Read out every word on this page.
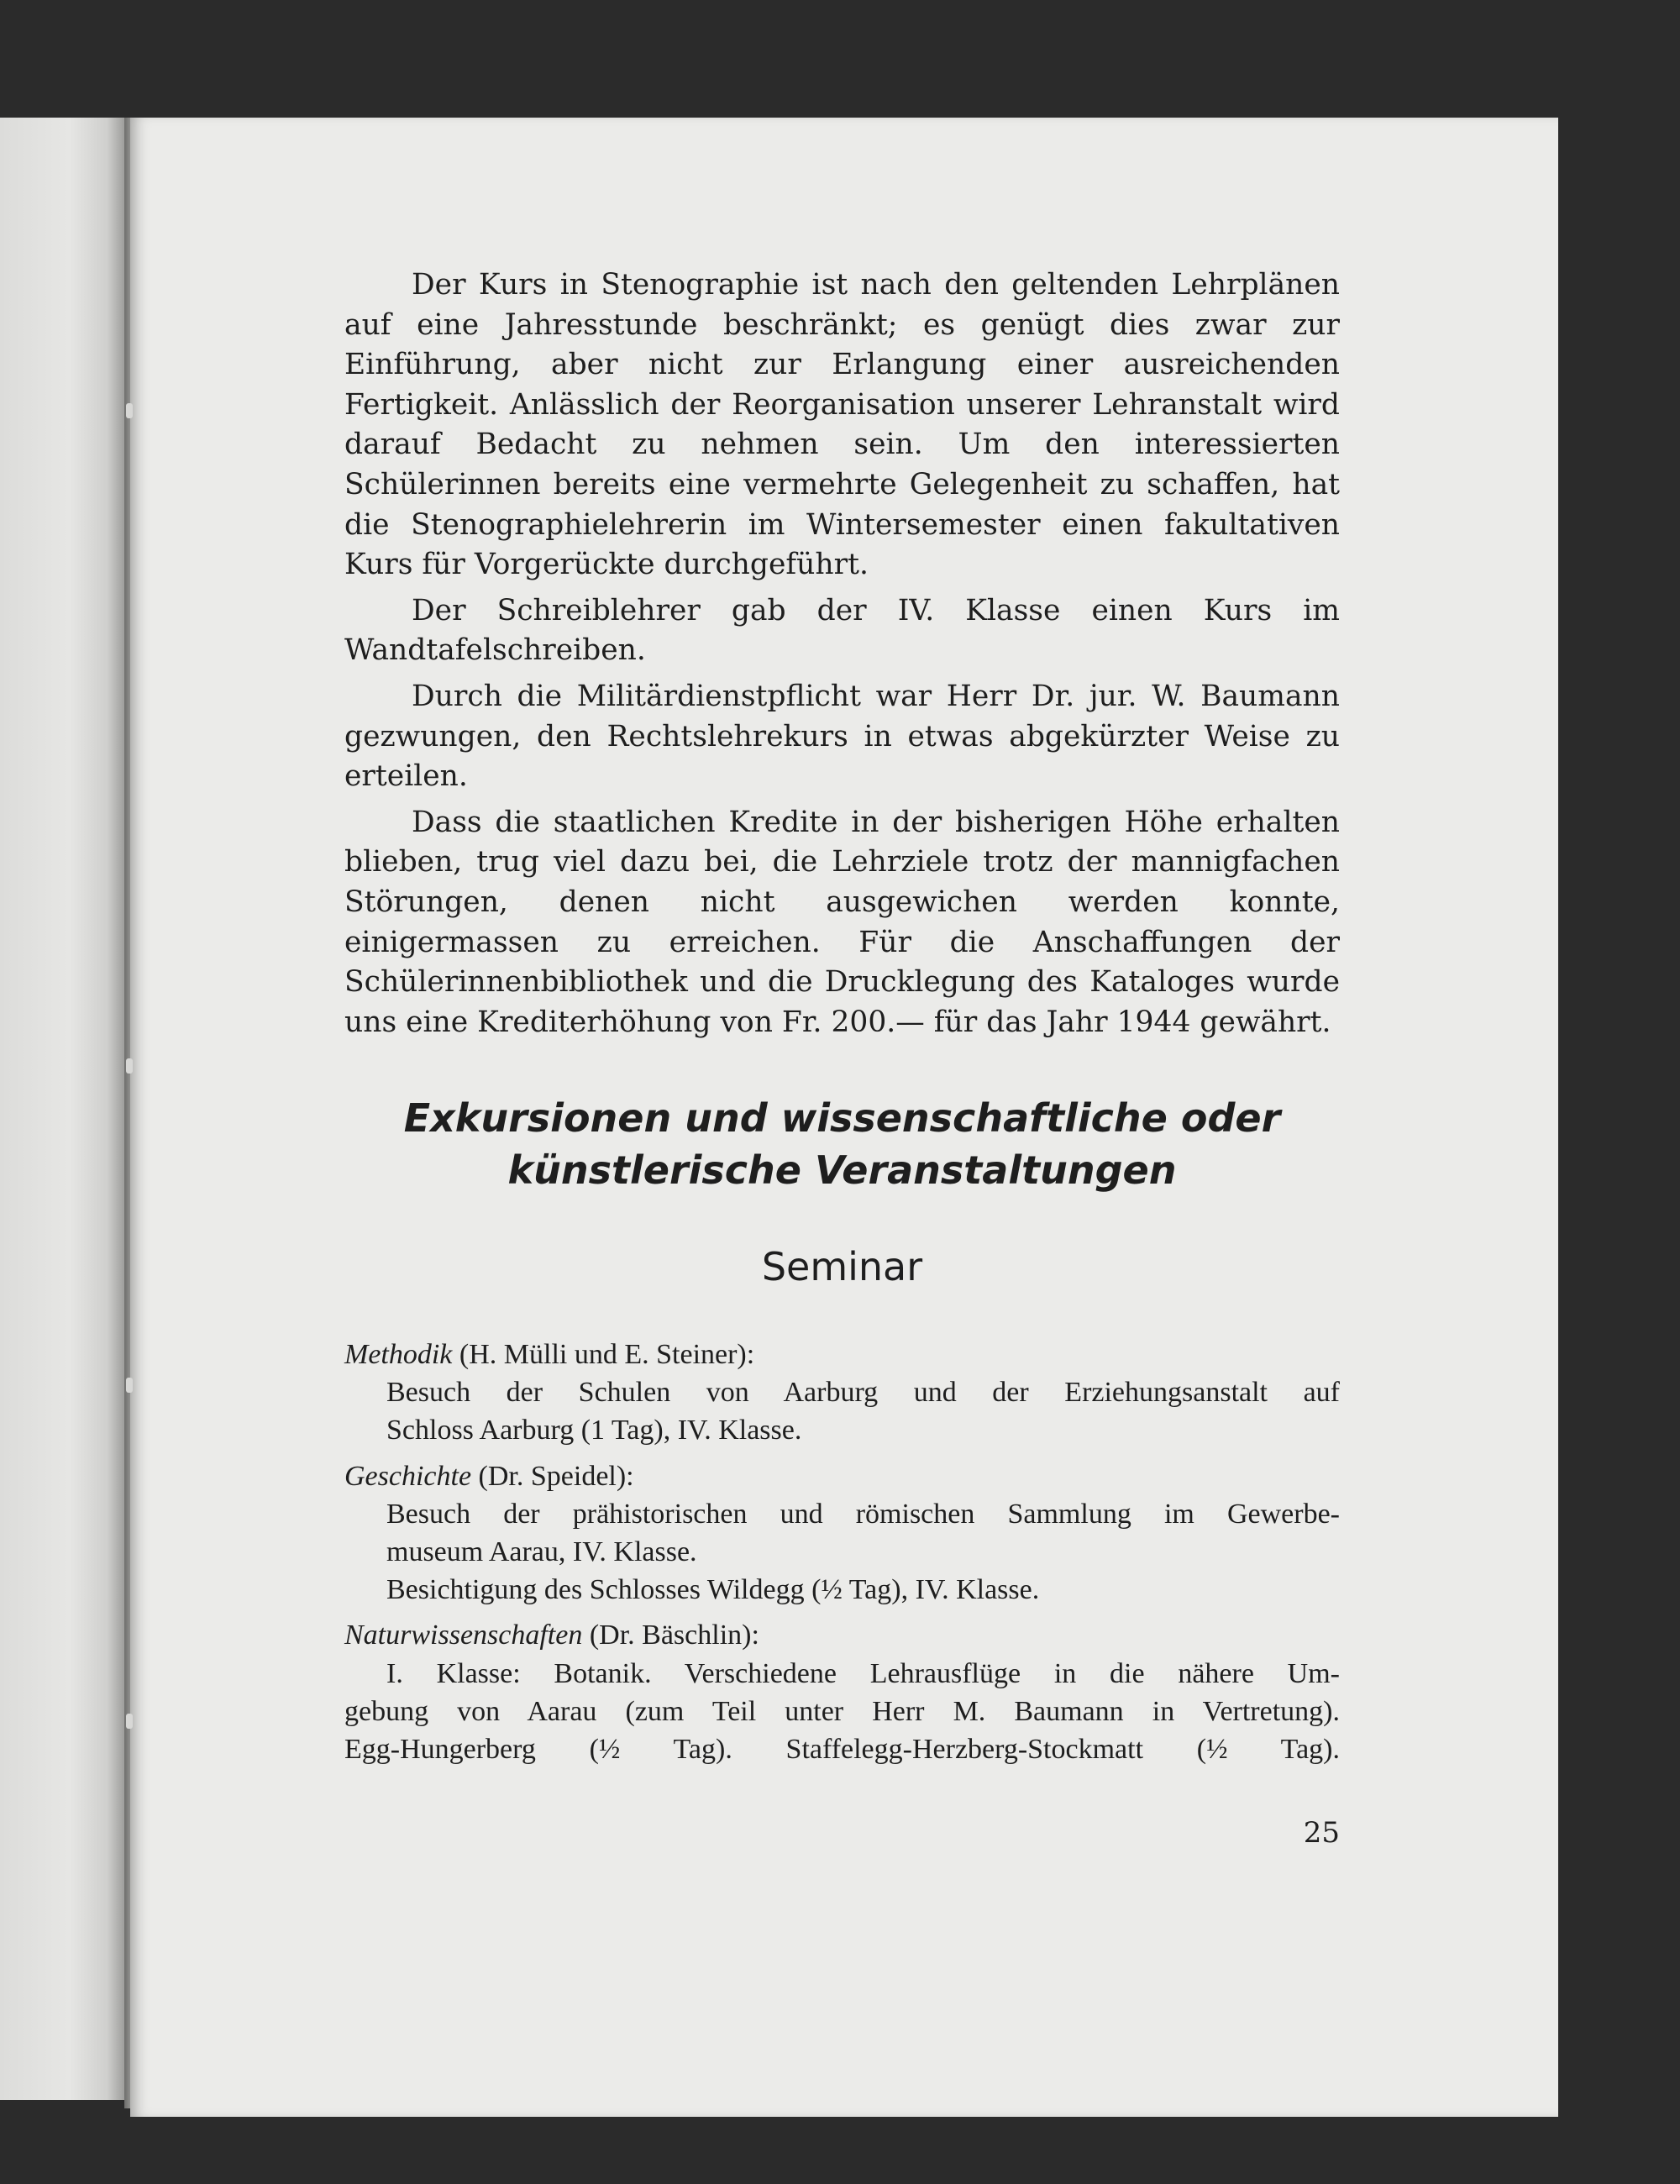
Der Kurs in Stenographie ist nach den geltenden Lehrplänen auf eine Jahresstunde beschränkt; es genügt dies zwar zur Einführung, aber nicht zur Erlangung einer ausreichenden Fertigkeit. Anlässlich der Reorganisation unserer Lehranstalt wird darauf Bedacht zu nehmen sein. Um den interessierten Schülerinnen bereits eine vermehrte Gelegenheit zu schaffen, hat die Stenographielehrerin im Wintersemester einen fakultativen Kurs für Vorgerückte durchgeführt.

Der Schreiblehrer gab der IV. Klasse einen Kurs im Wandtafelschreiben.

Durch die Militärdienstpflicht war Herr Dr. jur. W. Baumann gezwungen, den Rechtslehrekurs in etwas abgekürzter Weise zu erteilen.

Dass die staatlichen Kredite in der bisherigen Höhe erhalten blieben, trug viel dazu bei, die Lehrziele trotz der mannigfachen Störungen, denen nicht ausgewichen werden konnte, einigermassen zu erreichen. Für die Anschaffungen der Schülerinnenbibliothek und die Drucklegung des Kataloges wurde uns eine Krediterhöhung von Fr. 200.— für das Jahr 1944 gewährt.

Exkursionen und wissenschaftliche oder
künstlerische Veranstaltungen
Seminar
Methodik (H. Mülli und E. Steiner):
Besuch der Schulen von Aarburg und der Erziehungsanstalt auf
Schloss Aarburg (1 Tag), IV. Klasse.
Geschichte (Dr. Speidel):
Besuch der prähistorischen und römischen Sammlung im Gewerbe-
museum Aarau, IV. Klasse.
Besichtigung des Schlosses Wildegg (½ Tag), IV. Klasse.
Naturwissenschaften (Dr. Bäschlin):
I. Klasse: Botanik. Verschiedene Lehrausflüge in die nähere Um-
gebung von Aarau (zum Teil unter Herr M. Baumann in Vertretung).
Egg-Hungerberg (½ Tag). Staffelegg-Herzberg-Stockmatt (½ Tag).
25
